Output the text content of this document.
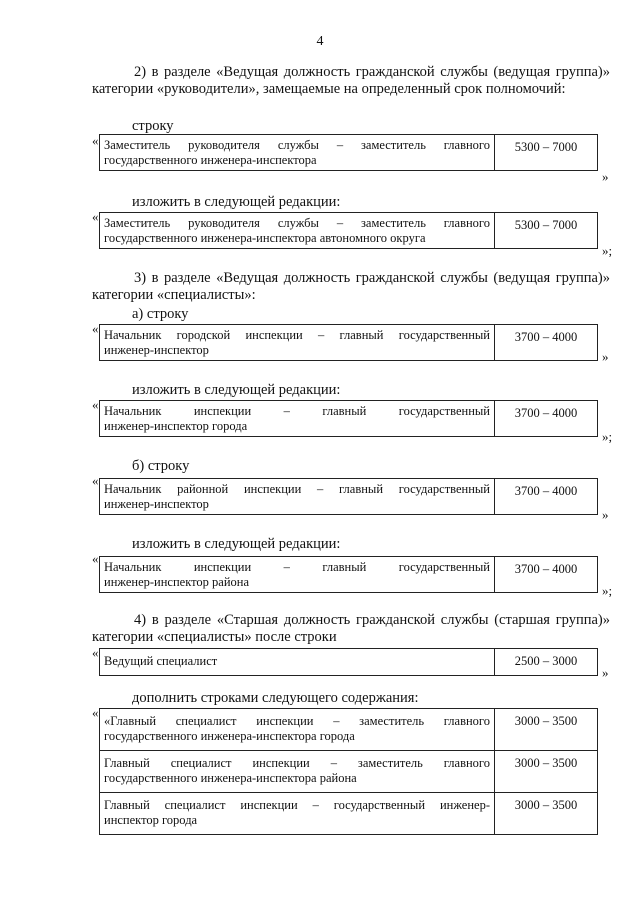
4
2) в разделе «Ведущая должность гражданской службы (ведущая группа)» категории «руководители», замещаемые на определенный срок полномочий:
строку
« Заместитель руководителя службы – заместитель главного
государственного инженера-инспектора	5300 – 7000
»
изложить в следующей редакции:
« Заместитель руководителя службы – заместитель главного
государственного инженера-инспектора автономного округа	5300 – 7000
»;
3) в разделе «Ведущая должность гражданской службы (ведущая группа)» категории «специалисты»:
а) строку
« Начальник городской инспекции – главный государственный
инженер-инспектор	3700 – 4000
»
изложить в следующей редакции:
« Начальник инспекции – главный государственный
инженер-инспектор города	3700 – 4000
»;
б) строку
«
Начальник районной инспекции – главный государственный
инженер-инспектор	3700 – 4000
»
изложить в следующей редакции:
«
Начальник инспекции – главный государственный
инженер-инспектор района	3700 – 4000
»;
4) в разделе «Старшая должность гражданской службы (старшая группа)» категории «специалисты» после строки
«
Ведущий специалист	2500 – 3000
»
дополнить строками следующего содержания:
«
«Главный специалист инспекции – заместитель главного
государственного инженера-инспектора города	3000 – 3500

Главный специалист инспекции – заместитель главного
государственного инженера-инспектора района	3000 – 3500

Главный специалист инспекции – государственный инженер-
инспектор города	3000 – 3500
